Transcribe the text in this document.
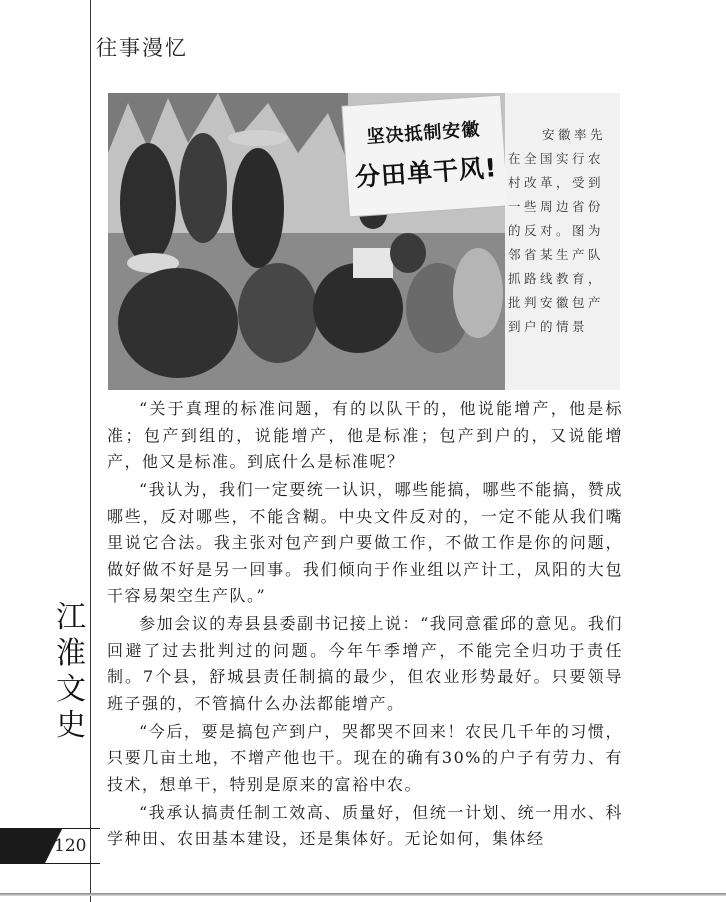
往事漫忆
坚决抵制安徽
分田单干风!
安徽率先
在全国实行农
村改革，受到
一些周边省份
的反对。图为
邻省某生产队
抓路线教育，
批判安徽包产
到户的情景

“关于真理的标准问题，有的以队干的，他说能增产，他是标准；包产到组的，说能增产，他是标准；包产到户的，又说能增产，他又是标准。到底什么是标准呢？

“我认为，我们一定要统一认识，哪些能搞，哪些不能搞，赞成哪些，反对哪些，不能含糊。中央文件反对的，一定不能从我们嘴里说它合法。我主张对包产到户要做工作，不做工作是你的问题，做好做不好是另一回事。我们倾向于作业组以产计工，凤阳的大包干容易架空生产队。”

参加会议的寿县县委副书记接上说：“我同意霍邱的意见。我们回避了过去批判过的问题。今年午季增产，不能完全归功于责任制。7个县，舒城县责任制搞的最少，但农业形势最好。只要领导班子强的，不管搞什么办法都能增产。

“今后，要是搞包产到户，哭都哭不回来！农民几千年的习惯，只要几亩土地，不增产他也干。现在的确有30%的户子有劳力、有技术，想单干，特别是原来的富裕中农。

“我承认搞责任制工效高、质量好，但统一计划、统一用水、科学种田、农田基本建设，还是集体好。无论如何，集体经

江
淮
文
史
120
